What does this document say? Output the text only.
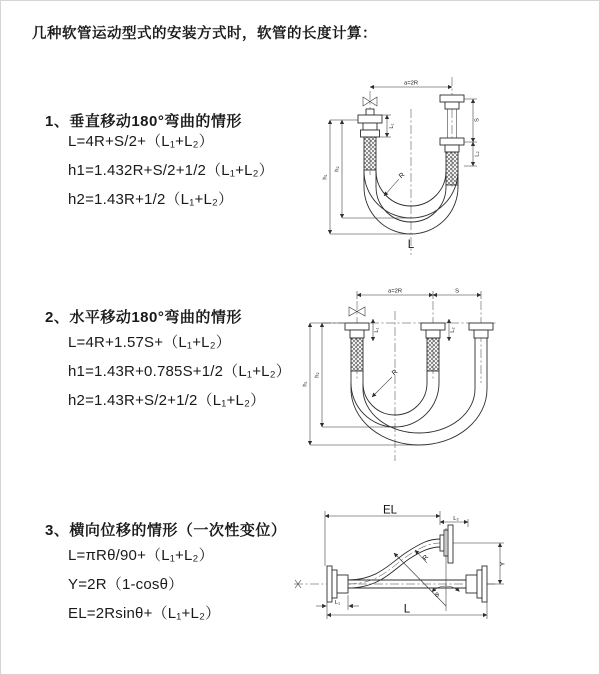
几种软管运动型式的安装方式时，软管的长度计算：
1、垂直移动180°弯曲的情形
L=4R+S/2+（L₁+L₂）
h1=1.432R+S/2+1/2（L₁+L₂）
h2=1.43R+1/2（L₁+L₂）
a=2R
L₁
S
L₂
h₁
h₂
R
L
2、水平移动180°弯曲的情形
L=4R+1.57S+（L₁+L₂）
h1=1.43R+0.785S+1/2（L₁+L₂）
h2=1.43R+S/2+1/2（L₁+L₂）
a=2R	S
L₁	L₂
h₁
h₂	R
3、横向位移的情形（一次性变位）
L=πRθ/90+（L₁+L₂）
Y=2R（1-cosθ）
EL=2Rsinθ+（L₁+L₂）
EL
L₂
Y
θ
R
L₁
L
